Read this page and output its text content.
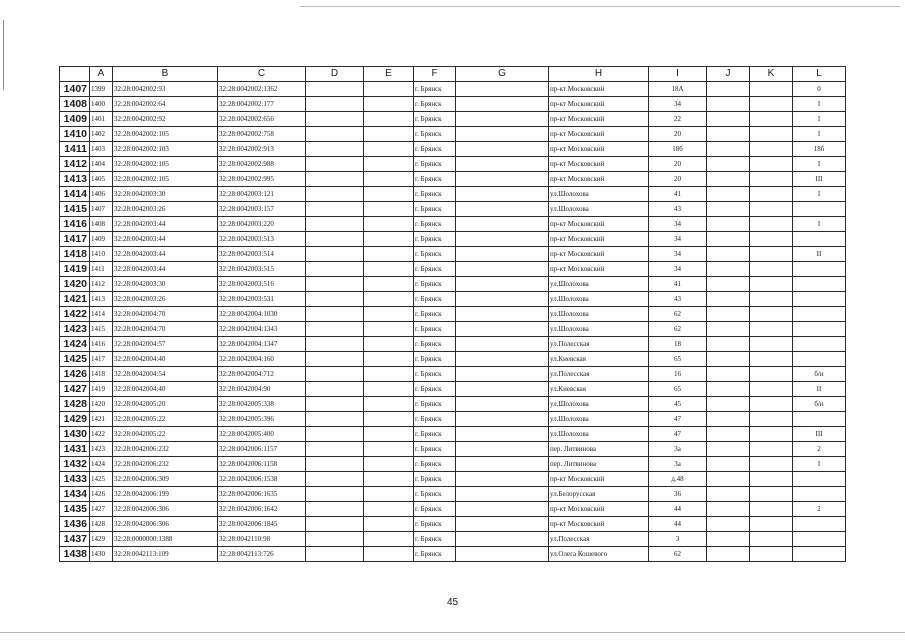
	A	B	C	D	E	F	G	H	I	J	K	L
1407	1399	32:28:0042002:93	32:28:0042002:1362			г. Брянск		пр-кт Московский	18А			0
1408	1400	32:28:0042002:64	32:28:0042002:177			г. Брянск		пр-кт Московский	34			I
1409	1401	32:28:0042002:92	32:28:0042002:656			г. Брянск		пр-кт Московский	22			I
1410	1402	32:28:0042002:105	32:28:0042002:758			г. Брянск		пр-кт Московский	20			I
1411	1403	32:28:0042002:103	32:28:0042002:913			г. Брянск		пр-кт Московский	18б			18б
1412	1404	32:28:0042002:105	32:28:0042002:988			г. Брянск		пр-кт Московский	20			I
1413	1405	32:28:0042002:105	32:28:0042002:995			г. Брянск		пр-кт Московский	20			III
1414	1406	32:28:0042003:30	32:28:0042003:121			г. Брянск		ул.Шолохова	41			I
1415	1407	32:28:0042003:26	32:28:0042003:157			г. Брянск		ул.Шолохова	43			
1416	1408	32:28:0042003:44	32:28:0042003:220			г. Брянск		пр-кт Московский	34			I
1417	1409	32:28:0042003:44	32:28:0042003:513			г. Брянск		пр-кт Московский	34			
1418	1410	32:28:0042003:44	32:28:0042003:514			г. Брянск		пр-кт Московский	34			II
1419	1411	32:28:0042003:44	32:28:0042003:515			г. Брянск		пр-кт Московский	34			
1420	1412	32:28:0042003:30	32:28:0042003:516			г. Брянск		ул.Шолохова	41			
1421	1413	32:28:0042003:26	32:28:0042003:531			г. Брянск		ул.Шолохова	43			
1422	1414	32:28:0042004:70	32:28:0042004:1030			г. Брянск		ул.Шолохова	62			
1423	1415	32:28:0042004:70	32:28:0042004:1343			г. Брянск		ул.Шолохова	62			
1424	1416	32:28:0042004:57	32:28:0042004:1347			г. Брянск		ул.Полесская	18			
1425	1417	32:28:0042004:40	32:28:0042004:160			г. Брянск		ул.Киевская	65			
1426	1418	32:28:0042004:54	32:28:0042004:712			г. Брянск		ул.Полесская	16			б/н
1427	1419	32:28:0042004:40	32:28:0042004:90			г. Брянск		ул.Киевская	65			II
1428	1420	32:28:0042005:20	32:28:0042005:338			г. Брянск		ул.Шолохова	45			б/н
1429	1421	32:28:0042005:22	32:28:0042005:396			г. Брянск		ул.Шолохова	47			
1430	1422	32:28:0042005:22	32:28:0042005:400			г. Брянск		ул.Шолохова	47			III
1431	1423	32:28:0042006:232	32:28:0042006:1157			г. Брянск		пер. Литвинова	3а			2
1432	1424	32:28:0042006:232	32:28:0042006:1158			г. Брянск		пер. Литвинова	3а			I
1433	1425	32:28:0042006:309	32:28:0042006:1538			г. Брянск		пр-кт Московский	д.48			
1434	1426	32:28:0042006:199	32:28:0042006:1635			г. Брянск		ул.Белорусская	36			
1435	1427	32:28:0042006:306	32:28:0042006:1642			г. Брянск		пр-кт Московский	44			2
1436	1428	32:28:0042006:306	32:28:0042006:1845			г. Брянск		пр-кт Московский	44			
1437	1429	32:28:0000000:1388	32:28:0042110:98			г. Брянск		ул.Полесская	3			
1438	1430	32:28:0042113:109	32:28:0042113:726			г. Брянск		ул.Олега Кошевого	62			
45
